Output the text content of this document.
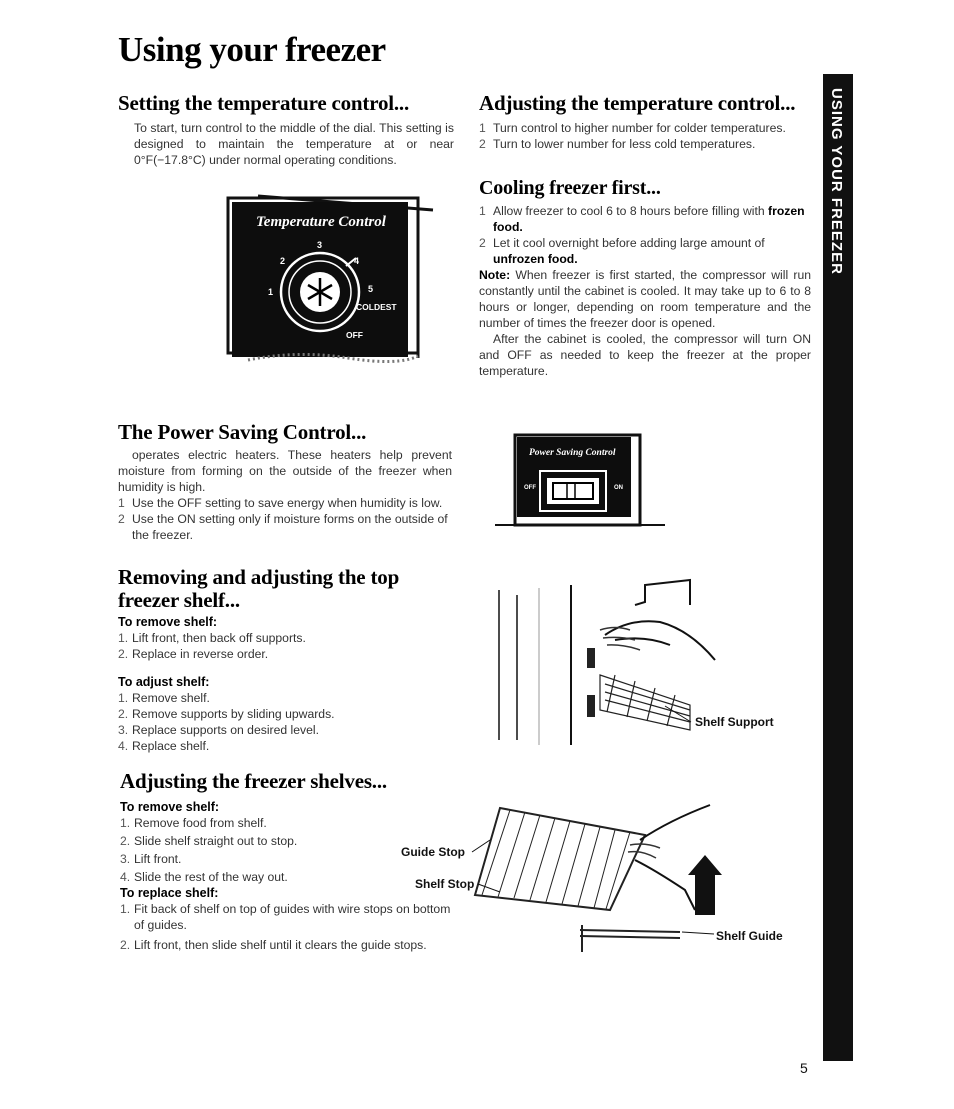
Using your freezer
USING YOUR FREEZER
Setting the temperature control...

To start, turn control to the middle of the dial. This setting is designed to maintain the temperature at or near 0°F(−17.8°C) under normal operating conditions.

Temperature Control
3
2	4
1	5
COLDEST
OFF
Adjusting the temperature control...
1 Turn control to higher number for colder temperatures.
2 Turn to lower number for less cold temperatures.
Cooling freezer first...
1 Allow freezer to cool 6 to 8 hours before filling with frozen food.
2 Let it cool overnight before adding large amount of unfrozen food.

Note: When freezer is first started, the compressor will run constantly until the cabinet is cooled. It may take up to 6 to 8 hours or longer, depending on room temperature and the number of times the freezer door is opened.

After the cabinet is cooled, the compressor will turn ON and OFF as needed to keep the freezer at the proper temperature.

The Power Saving Control...

operates electric heaters. These heaters help prevent moisture from forming on the outside of the freezer when humidity is high.

1 Use the OFF setting to save energy when humidity is low.
2 Use the ON setting only if moisture forms on the outside of the freezer.
Power Saving Control
OFF	ON
Removing and adjusting the top
freezer shelf...

To remove shelf:

1. Lift front, then back off supports.
2. Replace in reverse order.

To adjust shelf:

1. Remove shelf.
2. Remove supports by sliding upwards.
3. Replace supports on desired level.
4. Replace shelf.
Shelf Support
Adjusting the freezer shelves...

To remove shelf:

1. Remove food from shelf.
2. Slide shelf straight out to stop.
3. Lift front.
4. Slide the rest of the way out.

To replace shelf:

1. Fit back of shelf on top of guides with wire stops on bottom of guides.
2. Lift front, then slide shelf until it clears the guide stops.
Guide Stop
Shelf Stop
Shelf Guide
5
